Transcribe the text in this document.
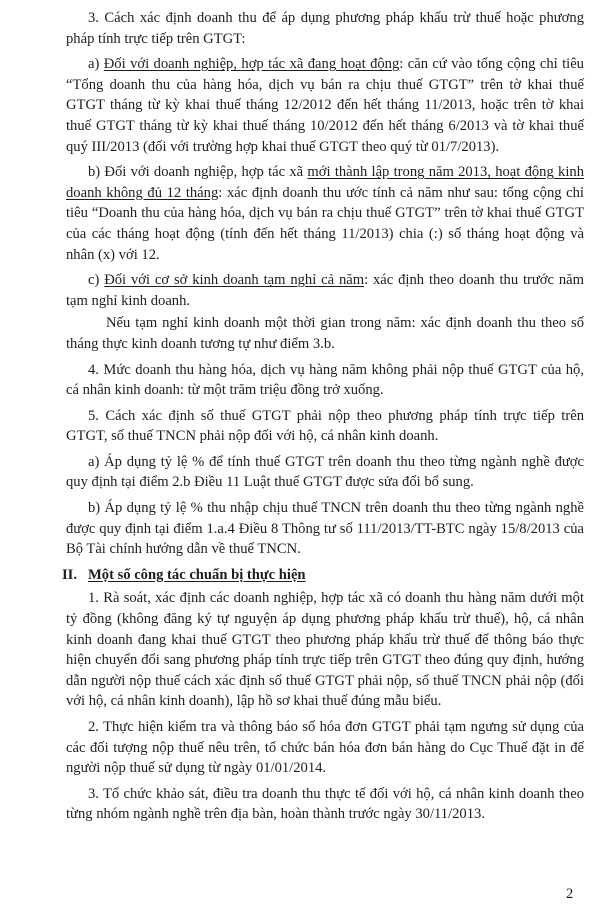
3. Cách xác định doanh thu để áp dụng phương pháp khấu trừ thuế hoặc phương pháp tính trực tiếp trên GTGT:

a) Đối với doanh nghiệp, hợp tác xã đang hoạt động: căn cứ vào tổng cộng chỉ tiêu “Tổng doanh thu của hàng hóa, dịch vụ bán ra chịu thuế GTGT” trên tờ khai thuế GTGT tháng từ kỳ khai thuế tháng 12/2012 đến hết tháng 11/2013, hoặc trên tờ khai thuế GTGT tháng từ kỳ khai thuế tháng 10/2012 đến hết tháng 6/2013 và tờ khai thuế quý III/2013 (đối với trường hợp khai thuế GTGT theo quý từ 01/7/2013).

b) Đối với doanh nghiệp, hợp tác xã mới thành lập trong năm 2013, hoạt động kinh doanh không đủ 12 tháng: xác định doanh thu ước tính cả năm như sau: tổng cộng chỉ tiêu “Doanh thu của hàng hóa, dịch vụ bán ra chịu thuế GTGT” trên tờ khai thuế GTGT của các tháng hoạt động (tính đến hết tháng 11/2013) chia (:) số tháng hoạt động và nhân (x) với 12.

c) Đối với cơ sở kinh doanh tạm nghỉ cả năm: xác định theo doanh thu trước năm tạm nghỉ kinh doanh.

Nếu tạm nghỉ kinh doanh một thời gian trong năm: xác định doanh thu theo số tháng thực kinh doanh tương tự như điểm 3.b.

4. Mức doanh thu hàng hóa, dịch vụ hàng năm không phải nộp thuế GTGT của hộ, cá nhân kinh doanh: từ một trăm triệu đồng trở xuống.

5. Cách xác định số thuế GTGT phải nộp theo phương pháp tính trực tiếp trên GTGT, số thuế TNCN phải nộp đối với hộ, cá nhân kinh doanh.

a) Áp dụng tỷ lệ % để tính thuế GTGT trên doanh thu theo từng ngành nghề được quy định tại điểm 2.b Điều 11 Luật thuế GTGT được sửa đổi bổ sung.

b) Áp dụng tỷ lệ % thu nhập chịu thuế TNCN trên doanh thu theo từng ngành nghề được quy định tại điểm 1.a.4 Điều 8 Thông tư số 111/2013/TT-BTC ngày 15/8/2013 của Bộ Tài chính hướng dẫn về thuế TNCN.

II. Một số công tác chuẩn bị thực hiện

1. Rà soát, xác định các doanh nghiệp, hợp tác xã có doanh thu hàng năm dưới một tỷ đồng (không đăng ký tự nguyện áp dụng phương pháp khấu trừ thuế), hộ, cá nhân kinh doanh đang khai thuế GTGT theo phương pháp khấu trừ thuế để thông báo thực hiện chuyển đổi sang phương pháp tính trực tiếp trên GTGT theo đúng quy định, hướng dẫn người nộp thuế cách xác định số thuế GTGT phải nộp, số thuế TNCN phải nộp (đối với hộ, cá nhân kinh doanh), lập hồ sơ khai thuế đúng mẫu biểu.

2. Thực hiện kiểm tra và thông báo số hóa đơn GTGT phải tạm ngưng sử dụng của các đối tượng nộp thuế nêu trên, tổ chức bán hóa đơn bán hàng do Cục Thuế đặt in để người nộp thuế sử dụng từ ngày 01/01/2014.

3. Tổ chức khảo sát, điều tra doanh thu thực tế đối với hộ, cá nhân kinh doanh theo từng nhóm ngành nghề trên địa bàn, hoàn thành trước ngày 30/11/2013.

2
